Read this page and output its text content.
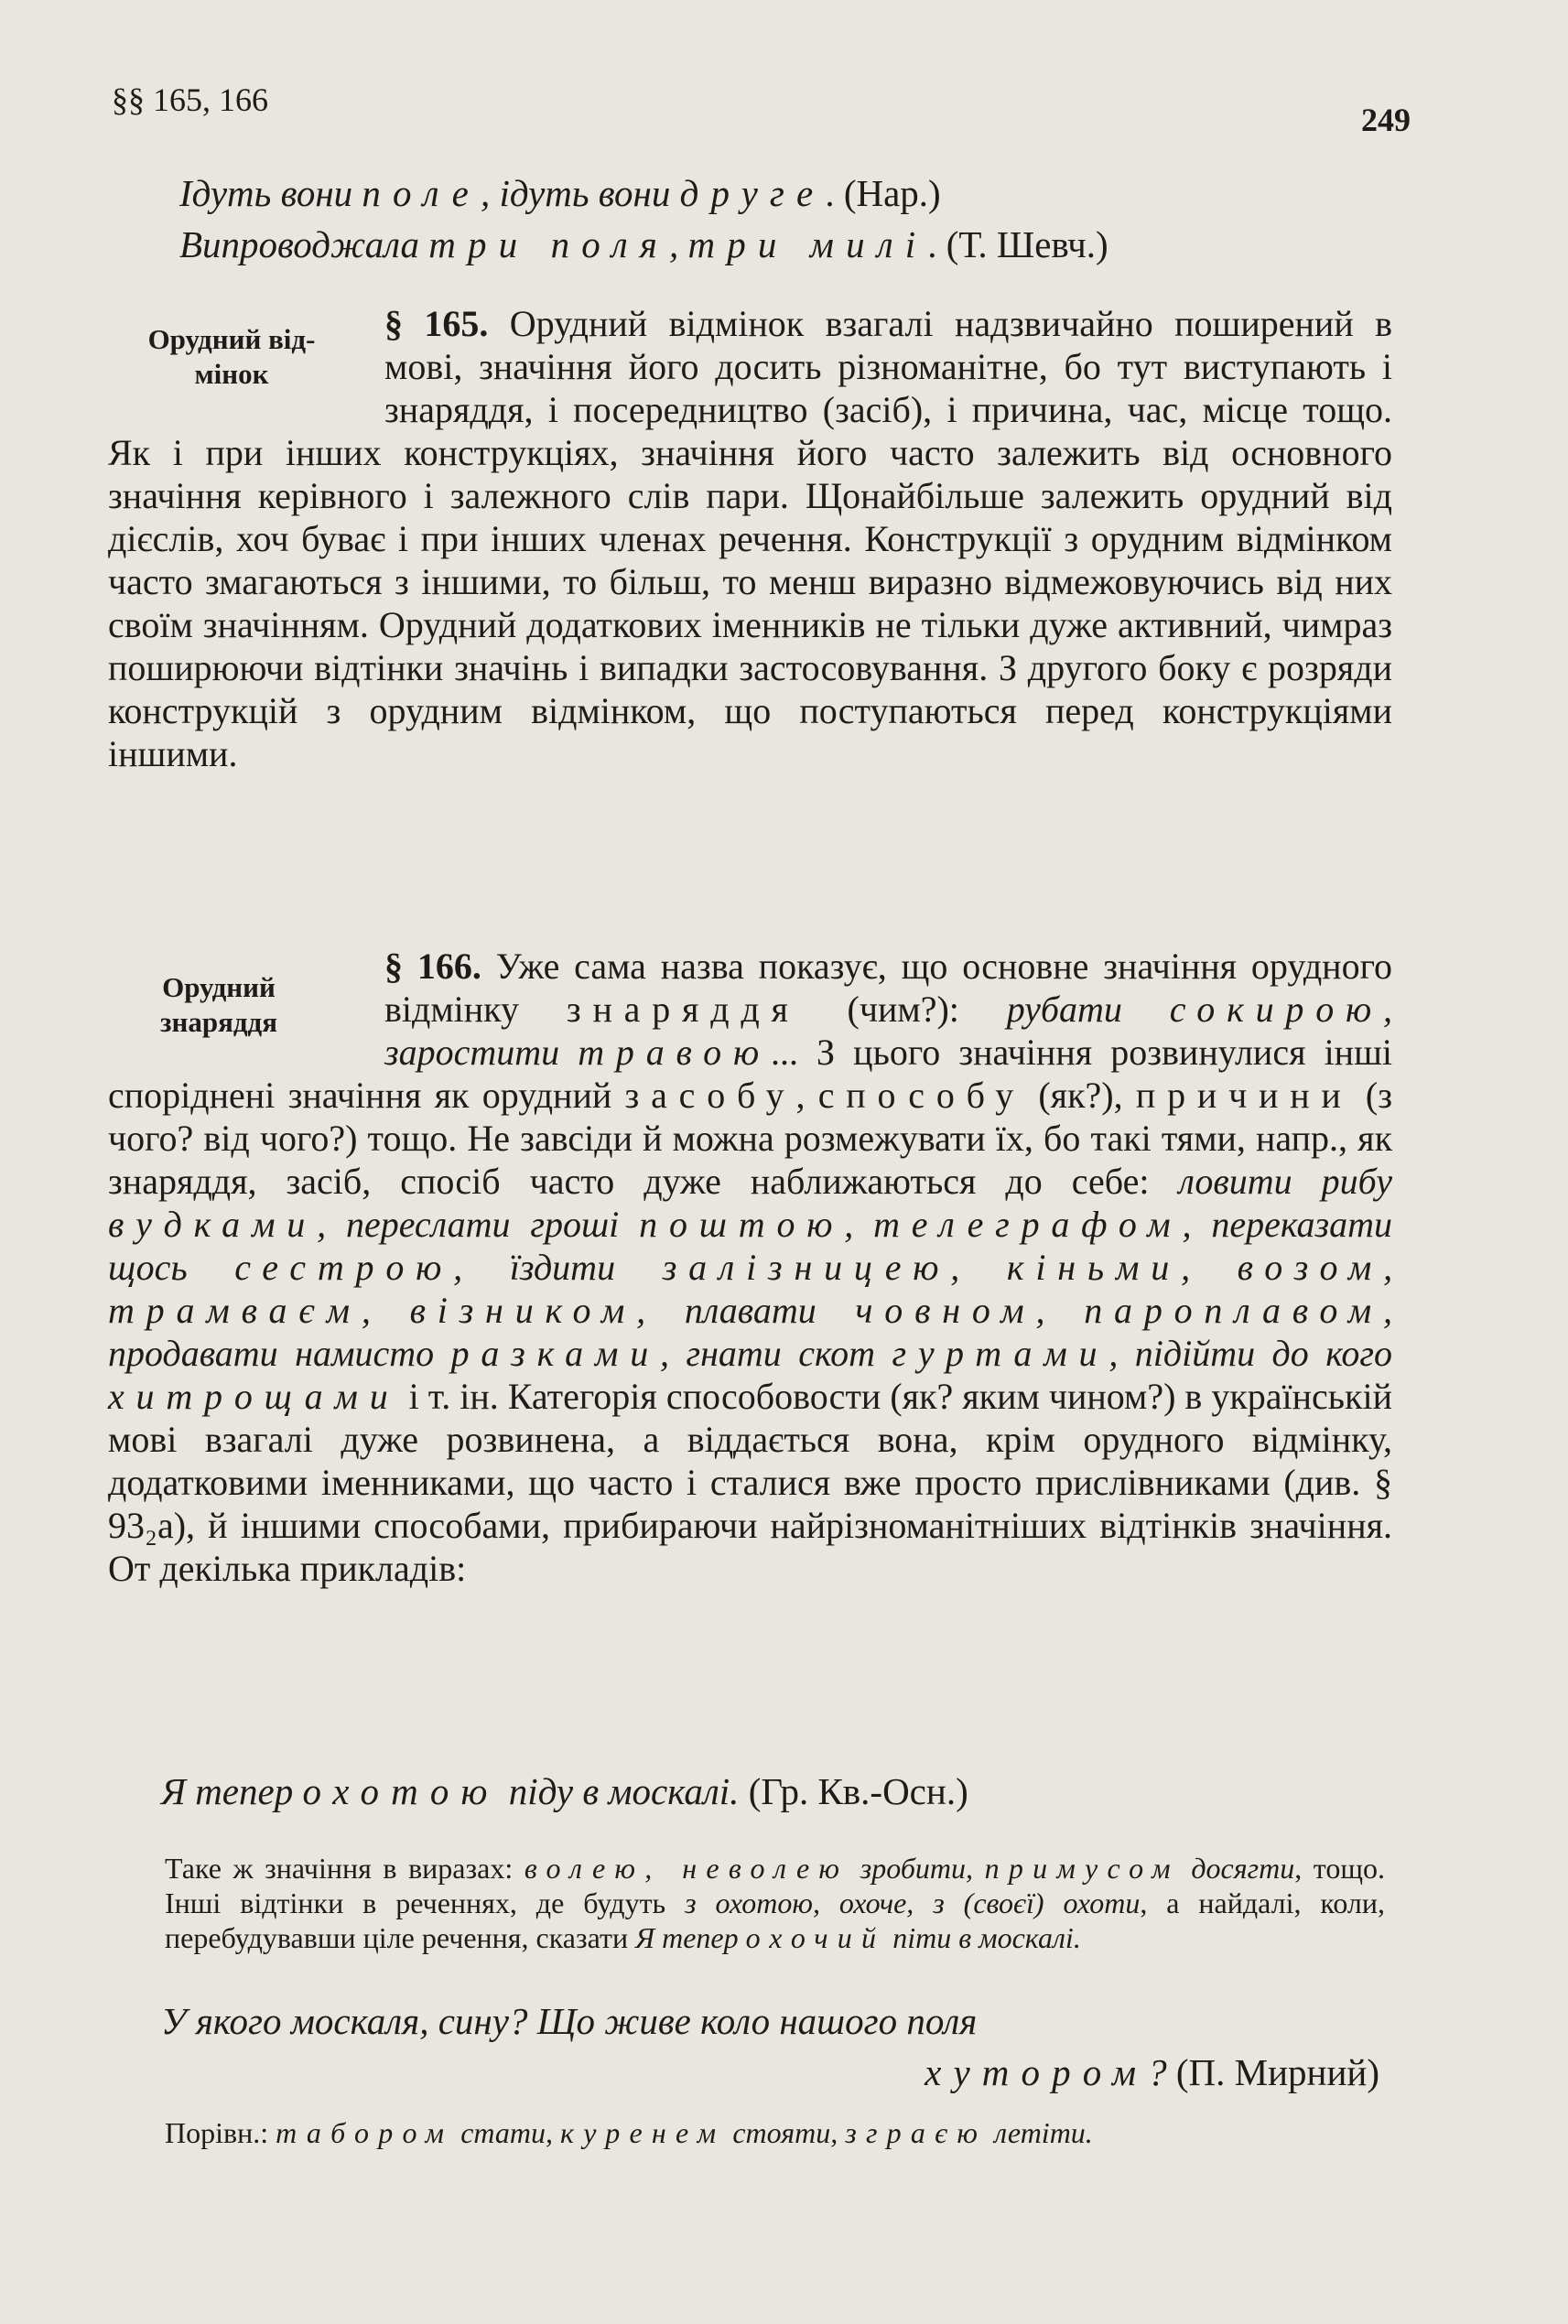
§§ 165, 166
249
Ідуть вони поле, ідуть вони друге. (Нар.)
Випроводжала три поля, три милі. (Т. Шевч.)
Орудний від-
мінок
§ 165. Орудний відмінок взагалі надзвичайно поширений в мові, значіння його досить різноманітне, бо тут виступають і знаряддя, і посередництво (засіб), і причина, час, місце тощо. Як і при інших конструкціях, значіння його часто залежить від основного значіння керівного і залежного слів пари. Щонайбільше залежить орудний від дієслів, хоч буває і при інших членах речення. Конструкції з орудним відмінком часто змагаються з іншими, то більш, то менш виразно відмежовуючись від них своїм значінням. Орудний додаткових іменників не тільки дуже активний, чимраз поширюючи відтінки значінь і випадки застосовування. З другого боку є розряди конструкцій з орудним відмінком, що поступаються перед конструкціями іншими.
Орудний
знаряддя
§ 166. Уже сама назва показує, що основне значіння орудного відмінку знаряддя (чим?): рубати сокирою, заростити травою... З цього значіння розвинулися інші споріднені значіння як орудний засобу, способу (як?), причини (з чого? від чого?) тощо. Не завсіди й можна розмежувати їх, бо такі тями, напр., як знаряддя, засіб, спосіб часто дуже наближаються до себе: ловити рибу вудками, переслати гроші поштою, телеграфом, переказати щось сестрою, їздити залізницею, кіньми, возом, трамваєм, візником, плавати човном, пароплавом, продавати намисто разками, гнати скот гуртами, підійти до кого хитрощами і т. ін. Категорія способовости (як? яким чином?) в українській мові взагалі дуже розвинена, а віддається вона, крім орудного відмінку, додатковими іменниками, що часто і сталися вже просто прислівниками (див. § 93₂а), й іншими способами, прибираючи найрізноманітніших відтінків значіння. От декілька прикладів:
Я тепер охотою піду в москалі. (Гр. Кв.-Осн.)
Таке ж значіння в виразах: волею, неволею зробити, примусом досягти, тощо. Інші відтінки в реченнях, де будуть з охотою, охоче, з (своєї) охоти, а найдалі, коли, перебудувавши ціле речення, сказати Я тепер охочий піти в москалі.
У якого москаля, сину? Що живе коло нашого поля
хутором? (П. Мирний)
Порівн.: табором стати, куренем стояти, зграєю летіти.
